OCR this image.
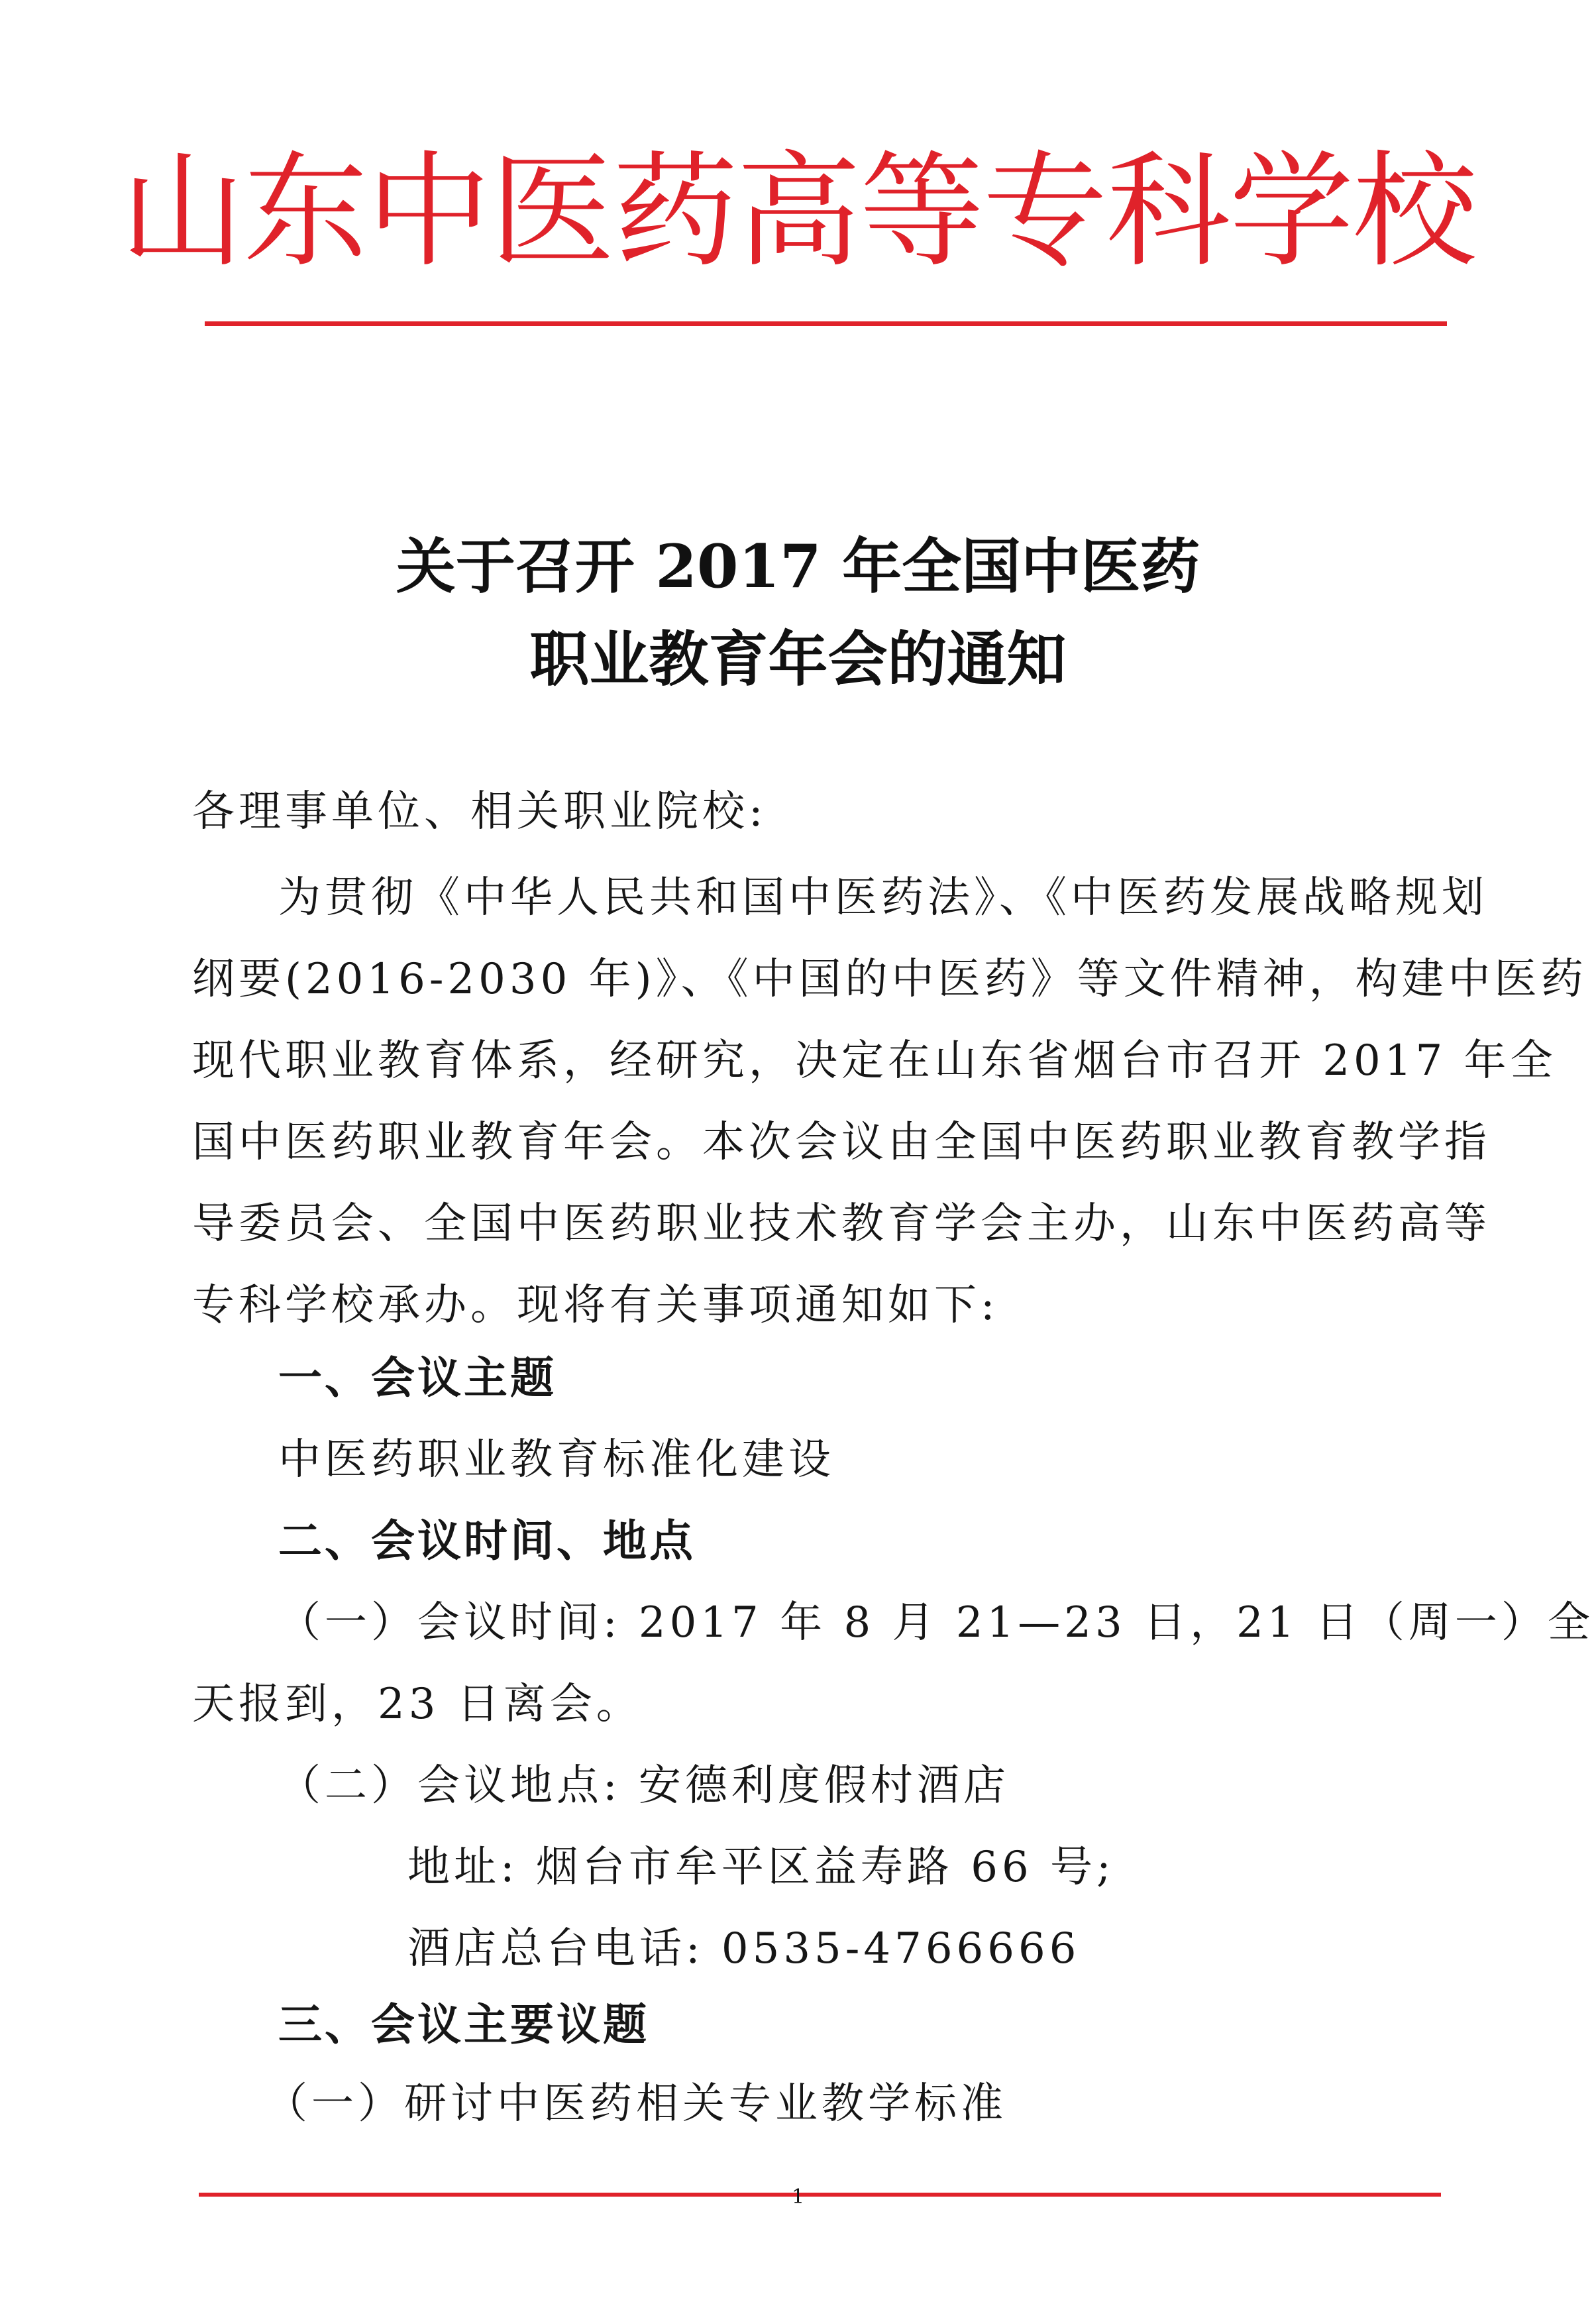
山东中医药高等专科学校
关于召开 2017 年全国中医药
职业教育年会的通知
各理事单位、相关职业院校:
为贯彻《中华人民共和国中医药法》、《中医药发展战略规划
纲要(2016-2030 年)》、《中国的中医药》等文件精神，构建中医药
现代职业教育体系，经研究，决定在山东省烟台市召开 2017 年全
国中医药职业教育年会。本次会议由全国中医药职业教育教学指
导委员会、全国中医药职业技术教育学会主办，山东中医药高等
专科学校承办。现将有关事项通知如下:
一、会议主题
中医药职业教育标准化建设
二、会议时间、地点
（一）会议时间: 2017 年 8 月 21—23 日，21 日（周一）全
天报到，23 日离会。
（二）会议地点: 安德利度假村酒店
地址: 烟台市牟平区益寿路 66 号;
酒店总台电话: 0535-4766666
三、会议主要议题
（一）研讨中医药相关专业教学标准
1
